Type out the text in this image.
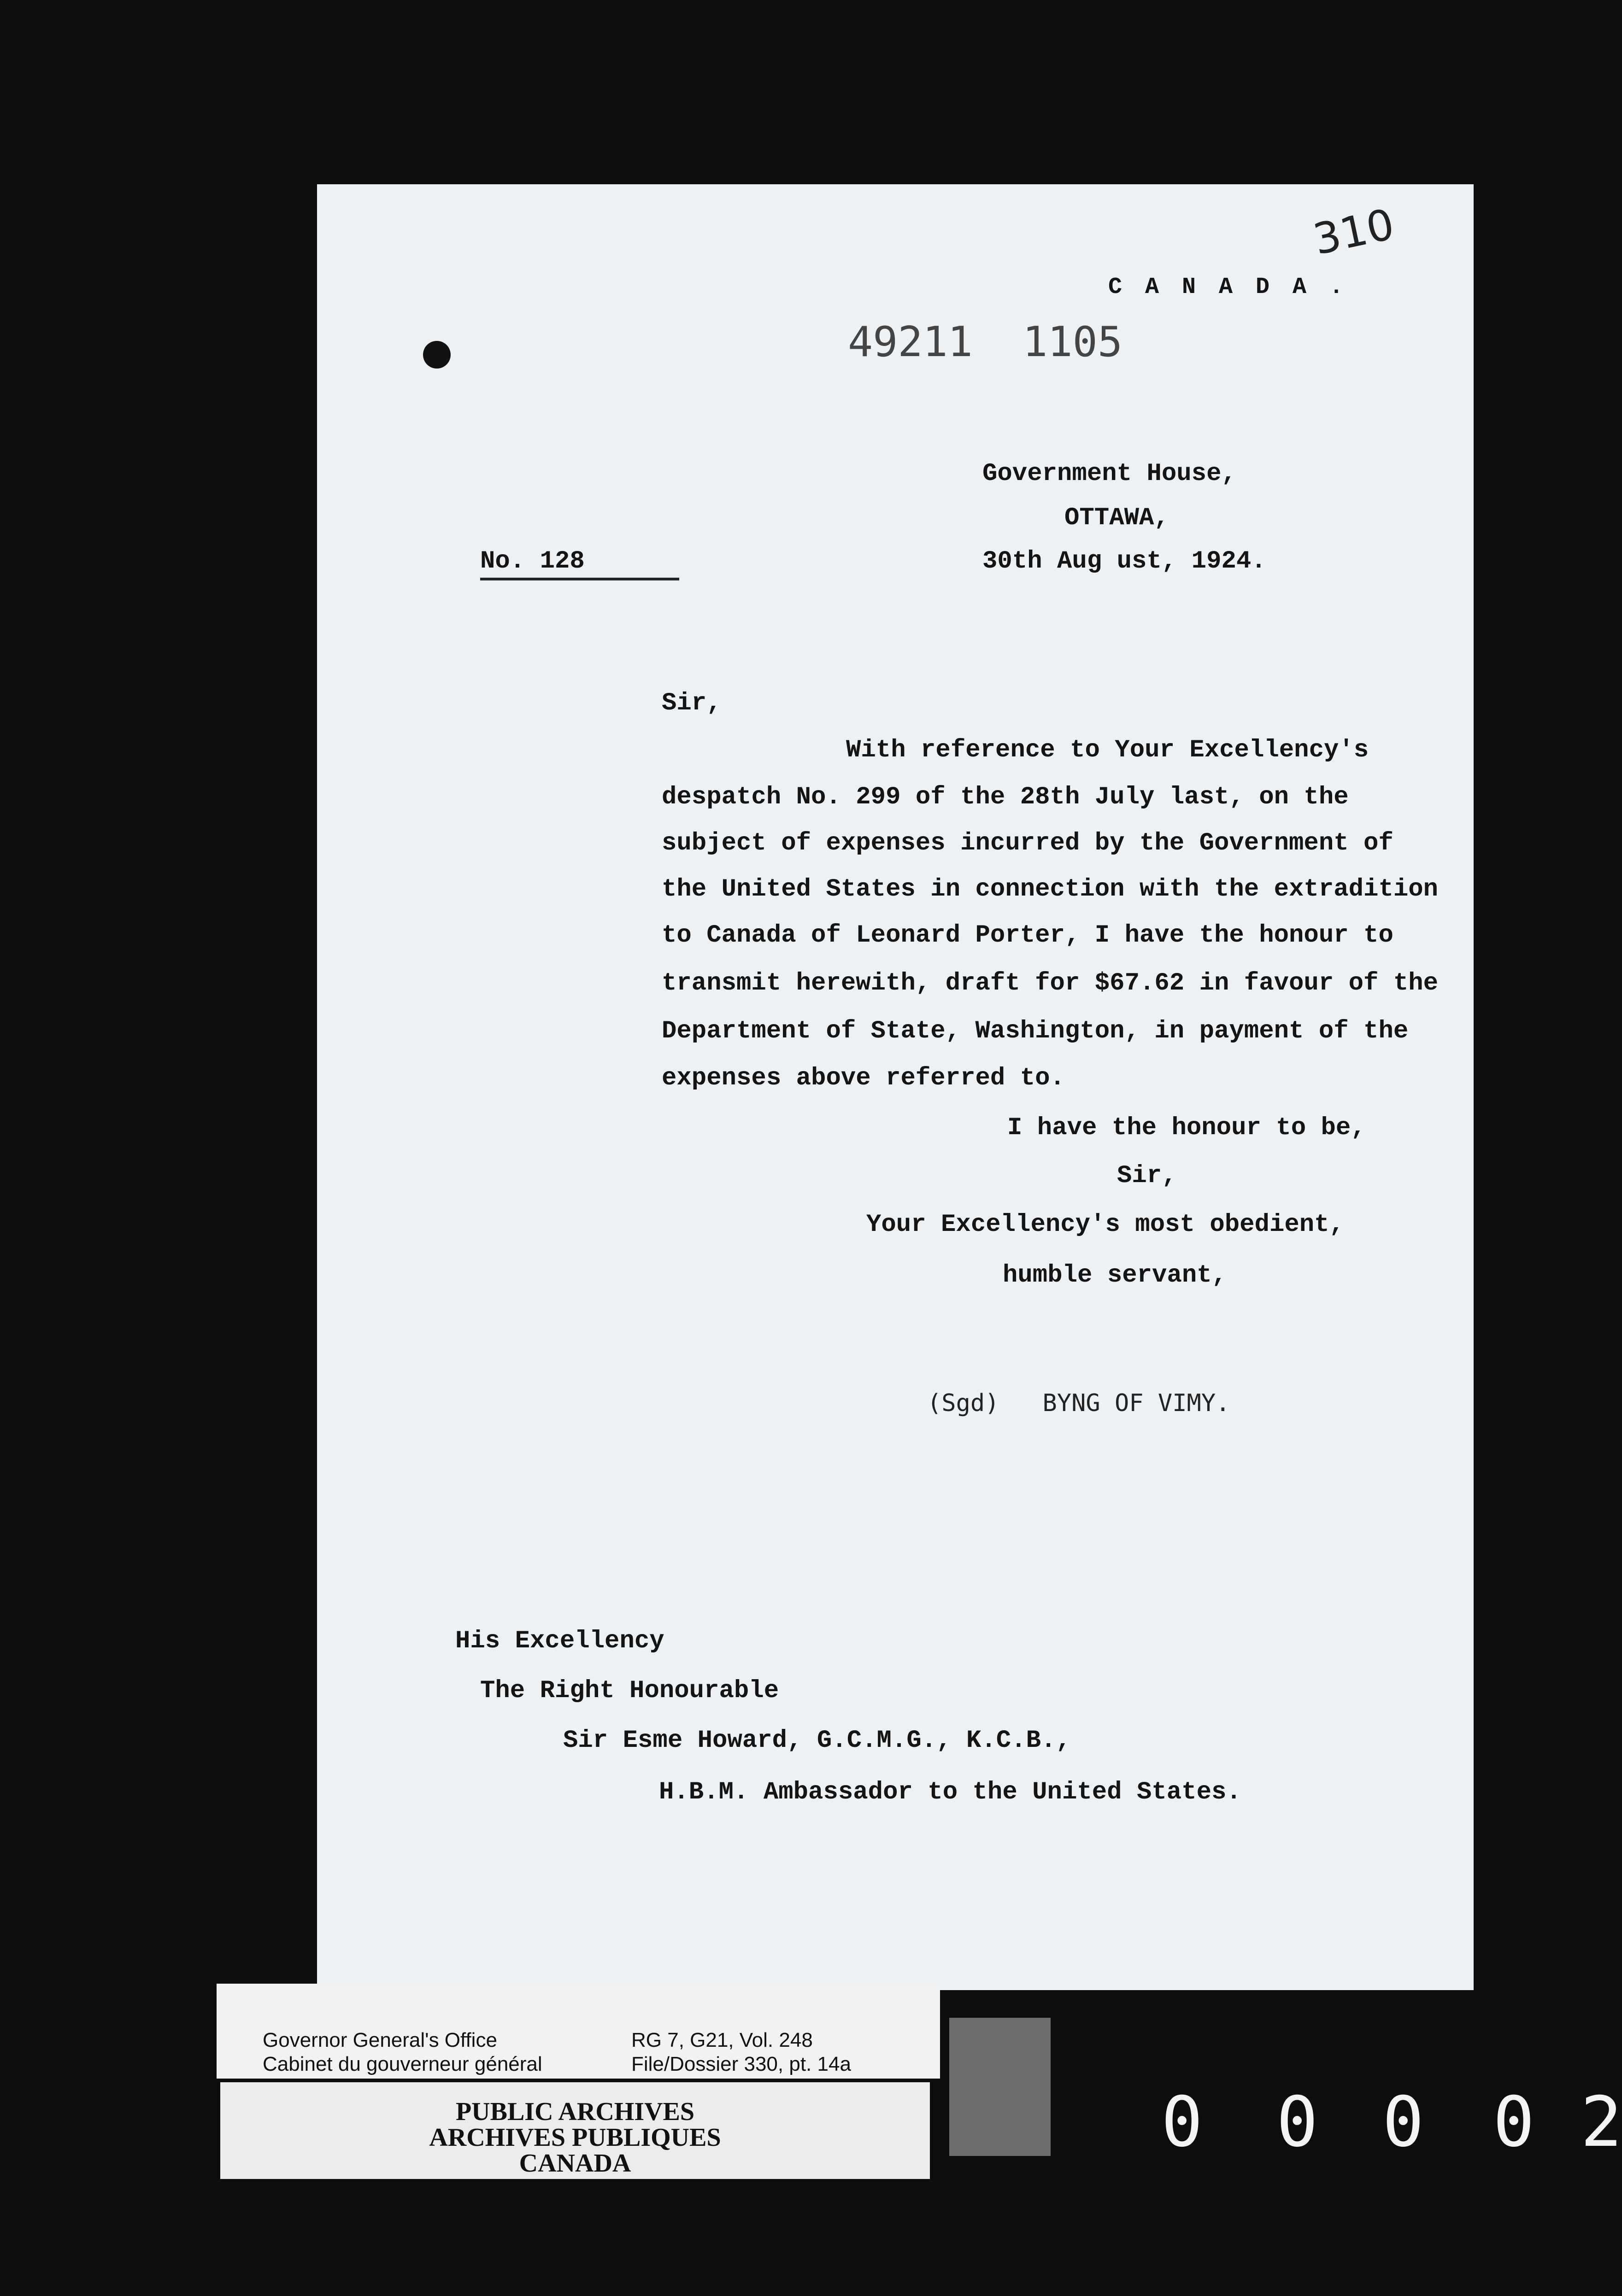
310
C A N A D A .
49211  1105
Government House,
OTTAWA,
30th Aug ust, 1924.
No. 128
Sir,
With reference to Your Excellency's
despatch No. 299 of the 28th July last, on the
subject of expenses incurred by the Government of
the United States in connection with the extradition
to Canada of Leonard Porter, I have the honour to
transmit herewith, draft for $67.62 in favour of the
Department of State, Washington, in payment of the
expenses above referred to.
I have the honour to be,
Sir,
Your Excellency's most obedient,
humble servant,
(Sgd)   BYNG OF VIMY.
His Excellency
The Right Honourable
Sir Esme Howard, G.C.M.G., K.C.B.,
H.B.M. Ambassador to the United States.
Governor General's Office
Cabinet du gouverneur général
RG 7, G21, Vol. 248
File/Dossier 330, pt. 14a
PUBLIC ARCHIVES
ARCHIVES PUBLIQUES
CANADA
0 0 0 0 2
